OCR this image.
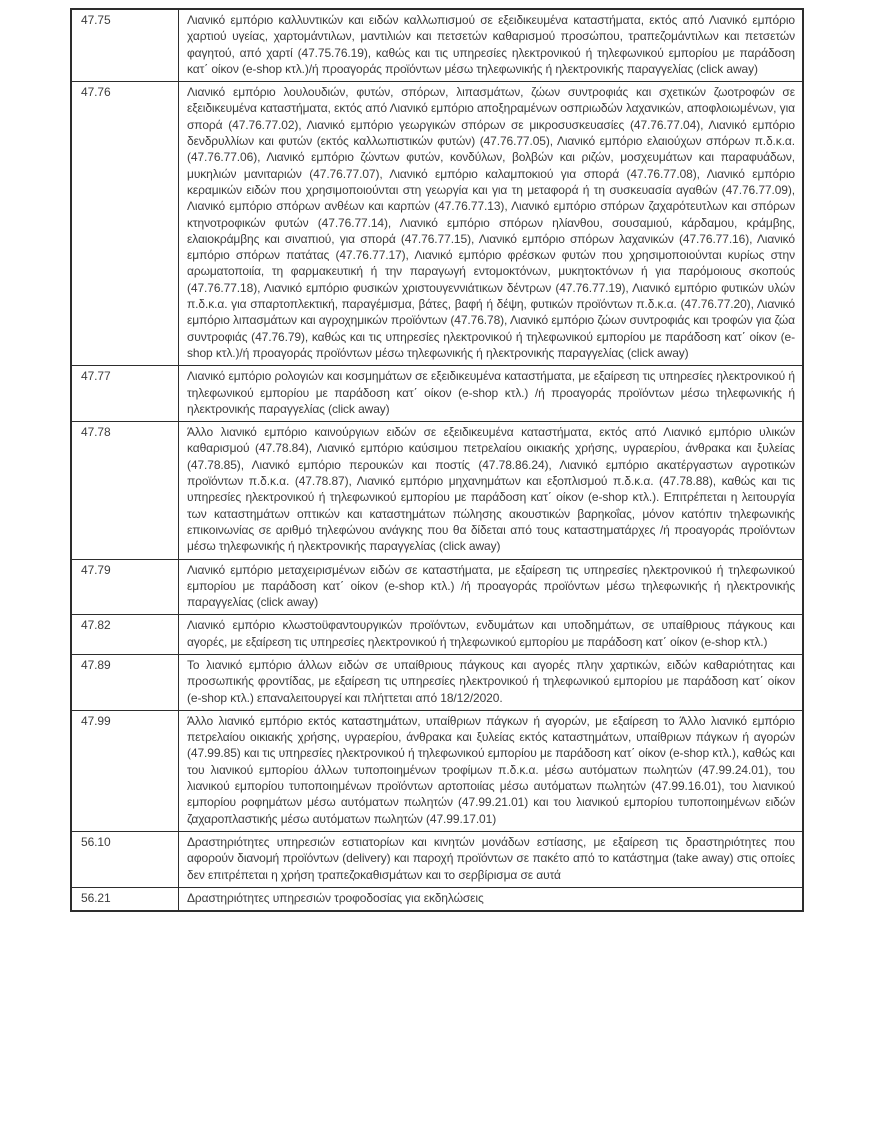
47.75	Λιανικό εμπόριο καλλυντικών και ειδών καλλωπισμού σε εξειδικευμένα καταστήματα, εκτός από Λιανικό εμπόριο χαρτιού υγείας, χαρτομάντιλων, μαντιλιών και πετσετών καθαρισμού προσώπου, τραπεζομάντιλων και πετσετών φαγητού, από χαρτί (47.75.76.19), καθώς και τις υπηρεσίες ηλεκτρονικού ή τηλεφωνικού εμπορίου με παράδοση κατ΄ οίκον (e-shop κτλ.)/ή προαγοράς προϊόντων μέσω τηλεφωνικής ή ηλεκτρονικής παραγγελίας (click away)
47.76	Λιανικό εμπόριο λουλουδιών, φυτών, σπόρων, λιπασμάτων, ζώων συντροφιάς και σχετικών ζωοτροφών σε εξειδικευμένα καταστήματα, εκτός από Λιανικό εμπόριο αποξηραμένων οσπριωδών λαχανικών, αποφλοιωμένων, για σπορά (47.76.77.02), Λιανικό εμπόριο γεωργικών σπόρων σε μικροσυσκευασίες (47.76.77.04), Λιανικό εμπόριο δενδρυλλίων και φυτών (εκτός καλλωπιστικών φυτών) (47.76.77.05), Λιανικό εμπόριο ελαιούχων σπόρων π.δ.κ.α. (47.76.77.06), Λιανικό εμπόριο ζώντων φυτών, κονδύλων, βολβών και ριζών, μοσχευμάτων και παραφυάδων, μυκηλιών μανιταριών (47.76.77.07), Λιανικό εμπόριο καλαμποκιού για σπορά (47.76.77.08), Λιανικό εμπόριο κεραμικών ειδών που χρησιμοποιούνται στη γεωργία και για τη μεταφορά ή τη συσκευασία αγαθών (47.76.77.09), Λιανικό εμπόριο σπόρων ανθέων και καρπών (47.76.77.13), Λιανικό εμπόριο σπόρων ζαχαρότευτλων και σπόρων κτηνοτροφικών φυτών (47.76.77.14), Λιανικό εμπόριο σπόρων ηλίανθου, σουσαμιού, κάρδαμου, κράμβης, ελαιοκράμβης και σιναπιού, για σπορά (47.76.77.15), Λιανικό εμπόριο σπόρων λαχανικών (47.76.77.16), Λιανικό εμπόριο σπόρων πατάτας (47.76.77.17), Λιανικό εμπόριο φρέσκων φυτών που χρησιμοποιούνται κυρίως στην αρωματοποιία, τη φαρμακευτική ή την παραγωγή εντομοκτόνων, μυκητοκτόνων ή για παρόμοιους σκοπούς (47.76.77.18), Λιανικό εμπόριο φυσικών χριστουγεννιάτικων δέντρων (47.76.77.19), Λιανικό εμπόριο φυτικών υλών π.δ.κ.α. για σπαρτοπλεκτική, παραγέμισμα, βάτες, βαφή ή δέψη, φυτικών προϊόντων π.δ.κ.α. (47.76.77.20), Λιανικό εμπόριο λιπασμάτων και αγροχημικών προϊόντων (47.76.78), Λιανικό εμπόριο ζώων συντροφιάς και τροφών για ζώα συντροφιάς (47.76.79), καθώς και τις υπηρεσίες ηλεκτρονικού ή τηλεφωνικού εμπορίου με παράδοση κατ΄ οίκον (e-shop κτλ.)/ή προαγοράς προϊόντων μέσω τηλεφωνικής ή ηλεκτρονικής παραγγελίας (click away)
47.77	Λιανικό εμπόριο ρολογιών και κοσμημάτων σε εξειδικευμένα καταστήματα, με εξαίρεση τις υπηρεσίες ηλεκτρονικού ή τηλεφωνικού εμπορίου με παράδοση κατ΄ οίκον (e-shop κτλ.) /ή προαγοράς προϊόντων μέσω τηλεφωνικής ή ηλεκτρονικής παραγγελίας (click away)
47.78	Άλλο λιανικό εμπόριο καινούργιων ειδών σε εξειδικευμένα καταστήματα, εκτός από Λιανικό εμπόριο υλικών καθαρισμού (47.78.84), Λιανικό εμπόριο καύσιμου πετρελαίου οικιακής χρήσης, υγραερίου, άνθρακα και ξυλείας (47.78.85), Λιανικό εμπόριο περουκών και ποστίς (47.78.86.24), Λιανικό εμπόριο ακατέργαστων αγροτικών προϊόντων π.δ.κ.α. (47.78.87), Λιανικό εμπόριο μηχανημάτων και εξοπλισμού π.δ.κ.α. (47.78.88), καθώς και τις υπηρεσίες ηλεκτρονικού ή τηλεφωνικού εμπορίου με παράδοση κατ΄ οίκον (e-shop κτλ.). Επιτρέπεται η λειτουργία των καταστημάτων οπτικών και καταστημάτων πώλησης ακουστικών βαρηκοΐας, μόνον κατόπιν τηλεφωνικής επικοινωνίας σε αριθμό τηλεφώνου ανάγκης που θα δίδεται από τους καταστηματάρχες /ή προαγοράς προϊόντων μέσω τηλεφωνικής ή ηλεκτρονικής παραγγελίας (click away)
47.79	Λιανικό εμπόριο μεταχειρισμένων ειδών σε καταστήματα, με εξαίρεση τις υπηρεσίες ηλεκτρονικού ή τηλεφωνικού εμπορίου με παράδοση κατ΄ οίκον (e-shop κτλ.) /ή προαγοράς προϊόντων μέσω τηλεφωνικής ή ηλεκτρονικής παραγγελίας (click away)
47.82	Λιανικό εμπόριο κλωστοϋφαντουργικών προϊόντων, ενδυμάτων και υποδημάτων, σε υπαίθριους πάγκους και αγορές, με εξαίρεση τις υπηρεσίες ηλεκτρονικού ή τηλεφωνικού εμπορίου με παράδοση κατ΄ οίκον (e-shop κτλ.)
47.89	Το λιανικό εμπόριο άλλων ειδών σε υπαίθριους πάγκους και αγορές πλην χαρτικών, ειδών καθαριότητας και προσωπικής φροντίδας, με εξαίρεση τις υπηρεσίες ηλεκτρονικού ή τηλεφωνικού εμπορίου με παράδοση κατ΄ οίκον (e-shop κτλ.) επαναλειτουργεί και πλήττεται από 18/12/2020.
47.99	Άλλο λιανικό εμπόριο εκτός καταστημάτων, υπαίθριων πάγκων ή αγορών, με εξαίρεση το Άλλο λιανικό εμπόριο πετρελαίου οικιακής χρήσης, υγραερίου, άνθρακα και ξυλείας εκτός καταστημάτων, υπαίθριων πάγκων ή αγορών (47.99.85) και τις υπηρεσίες ηλεκτρονικού ή τηλεφωνικού εμπορίου με παράδοση κατ΄ οίκον (e-shop κτλ.), καθώς και του λιανικού εμπορίου άλλων τυποποιημένων τροφίμων π.δ.κ.α. μέσω αυτόματων πωλητών (47.99.24.01), του λιανικού εμπορίου τυποποιημένων προϊόντων αρτοποιίας μέσω αυτόματων πωλητών (47.99.16.01), του λιανικού εμπορίου ροφημάτων μέσω αυτόματων πωλητών (47.99.21.01) και του λιανικού εμπορίου τυποποιημένων ειδών ζαχαροπλαστικής μέσω αυτόματων πωλητών (47.99.17.01)
56.10	Δραστηριότητες υπηρεσιών εστιατορίων και κινητών μονάδων εστίασης, με εξαίρεση τις δραστηριότητες που αφορούν διανομή προϊόντων (delivery) και παροχή προϊόντων σε πακέτο από το κατάστημα (take away) στις οποίες δεν επιτρέπεται η χρήση τραπεζοκαθισμάτων και το σερβίρισμα σε αυτά
56.21	Δραστηριότητες υπηρεσιών τροφοδοσίας για εκδηλώσεις
